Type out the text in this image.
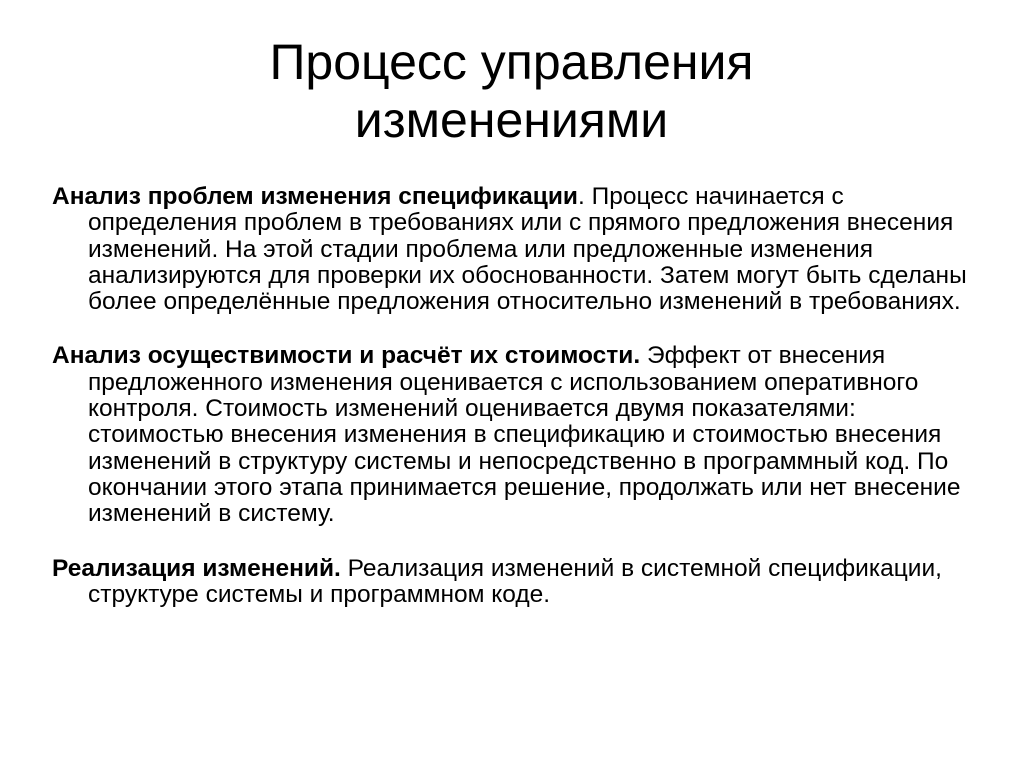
Процесс управления
изменениями

Анализ проблем изменения спецификации. Процесс начинается с определения проблем в требованиях или с прямого предложения внесения изменений. На этой стадии проблема или предложенные изменения анализируются для проверки их обоснованности. Затем могут быть сделаны более определённые предложения относительно изменений в требованиях.

Анализ осуществимости и расчёт их стоимости. Эффект от внесения предложенного изменения оценивается с использованием оперативного контроля. Стоимость изменений оценивается двумя показателями: стоимостью внесения изменения в спецификацию и стоимостью внесения изменений в структуру системы и непосредственно в программный код. По окончании этого этапа принимается решение, продолжать или нет внесение изменений в систему.

Реализация изменений. Реализация изменений в системной спецификации, структуре системы и программном коде.
